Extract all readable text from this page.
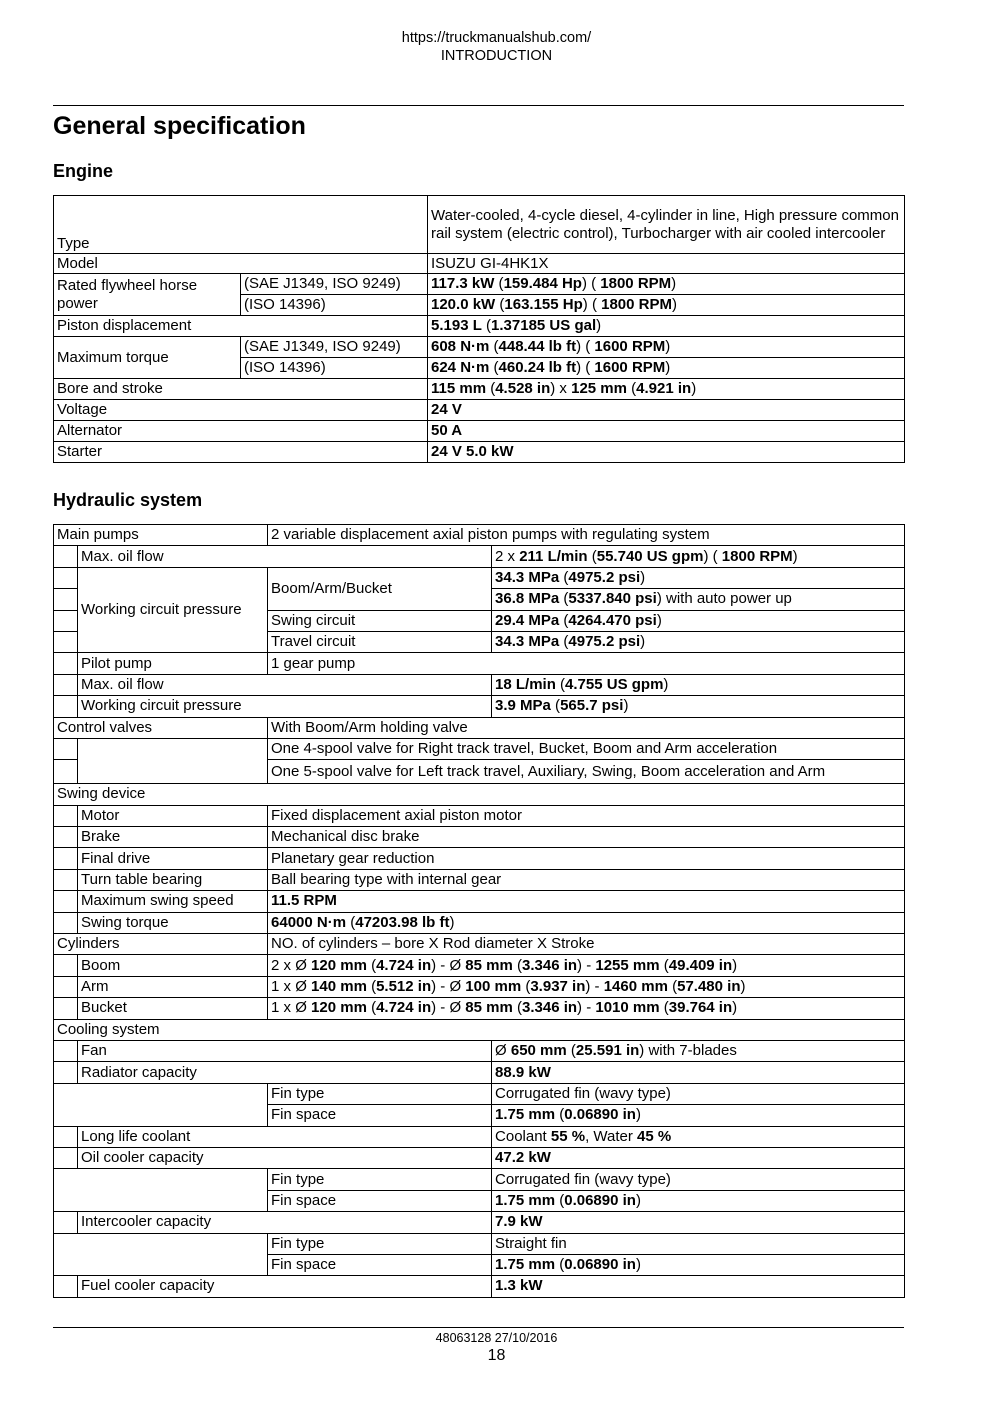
https://truckmanualshub.com/
INTRODUCTION
General specification
Engine
Type		Water-cooled, 4-cycle diesel, 4-cylinder in line, High pressure common rail system (electric control), Turbocharger with air cooled intercooler
Model		ISUZU GI-4HK1X
Rated flywheel horse power	(SAE J1349, ISO 9249)	117.3 kW (159.484 Hp) ( 1800 RPM)
	(ISO 14396)	120.0 kW (163.155 Hp) ( 1800 RPM)
Piston displacement		5.193 L (1.37185 US gal)
Maximum torque	(SAE J1349, ISO 9249)	608 N·m (448.44 lb ft) ( 1600 RPM)
	(ISO 14396)	624 N·m (460.24 lb ft) ( 1600 RPM)
Bore and stroke		115 mm (4.528 in) x 125 mm (4.921 in)
Voltage		24 V
Alternator		50 A
Starter		24 V 5.0 kW
Hydraulic system
Main pumps		2 variable displacement axial piston pumps with regulating system	
	Max. oil flow		2 x 211 L/min (55.740 US gpm) ( 1800 RPM)
	Working circuit pressure	Boom/Arm/Bucket	34.3 MPa (4975.2 psi)
			36.8 MPa (5337.840 psi) with auto power up
		Swing circuit	29.4 MPa (4264.470 psi)
		Travel circuit	34.3 MPa (4975.2 psi)
	Pilot pump	1 gear pump	
	Max. oil flow		18 L/min (4.755 US gpm)
	Working circuit pressure		3.9 MPa (565.7 psi)
Control valves		With Boom/Arm holding valve	
		One 4-spool valve for Right track travel, Bucket, Boom and Arm acceleration	
		One 5-spool valve for Left track travel, Auxiliary, Swing, Boom acceleration and Arm	
Swing device			
	Motor	Fixed displacement axial piston motor	
	Brake	Mechanical disc brake	
	Final drive	Planetary gear reduction	
	Turn table bearing	Ball bearing type with internal gear	
	Maximum swing speed	11.5 RPM	
	Swing torque	64000 N·m (47203.98 lb ft)	
Cylinders		NO. of cylinders – bore X Rod diameter X Stroke	
	Boom	2 x Ø 120 mm (4.724 in) - Ø 85 mm (3.346 in) - 1255 mm (49.409 in)	
	Arm	1 x Ø 140 mm (5.512 in) - Ø 100 mm (3.937 in) - 1460 mm (57.480 in)	
	Bucket	1 x Ø 120 mm (4.724 in) - Ø 85 mm (3.346 in) - 1010 mm (39.764 in)	
Cooling system			
	Fan		Ø 650 mm (25.591 in) with 7-blades
	Radiator capacity		88.9 kW
		Fin type	Corrugated fin (wavy type)
		Fin space	1.75 mm (0.06890 in)
	Long life coolant		Coolant 55 %, Water 45 %
	Oil cooler capacity		47.2 kW
		Fin type	Corrugated fin (wavy type)
		Fin space	1.75 mm (0.06890 in)
	Intercooler capacity		7.9 kW
		Fin type	Straight fin
		Fin space	1.75 mm (0.06890 in)
	Fuel cooler capacity		1.3 kW
48063128 27/10/2016
18
